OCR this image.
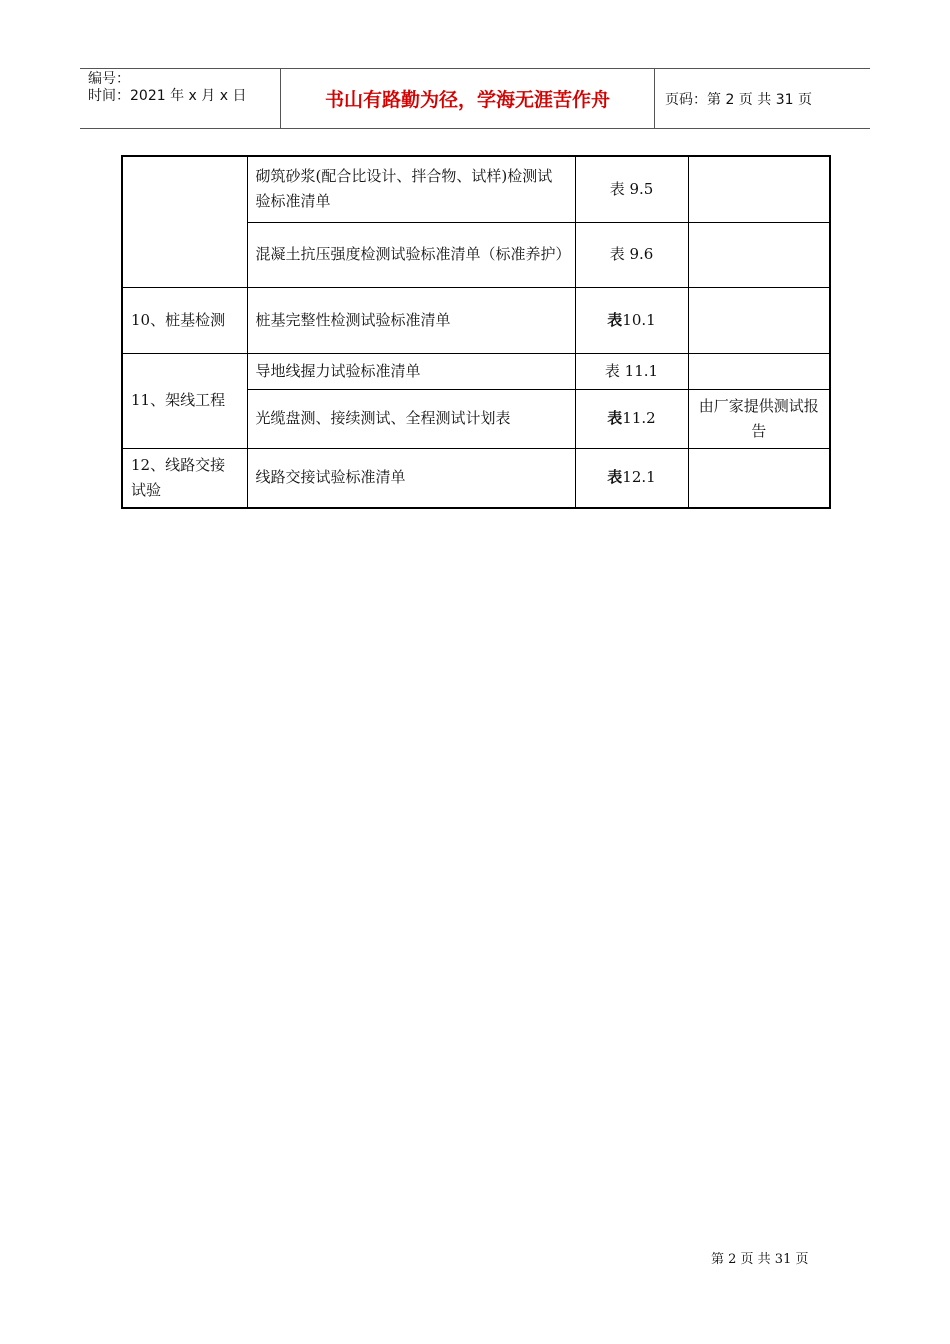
编号：
时间：2021 年 x 月 x 日	书山有路勤为径，学海无涯苦作舟	页码：第 2 页 共 31 页
	砌筑砂浆(配合比设计、拌合物、试样)检测试验标准清单	表 9.5	
	混凝土抗压强度检测试验标准清单（标准养护）	表 9.6	
10、桩基检测	桩基完整性检测试验标准清单	表10.1	
11、架线工程	导地线握力试验标准清单	表 11.1	
	光缆盘测、接续测试、全程测试计划表	表11.2	由厂家提供测试报告
12、线路交接试验	线路交接试验标准清单	表12.1	
第 2 页 共 31 页
